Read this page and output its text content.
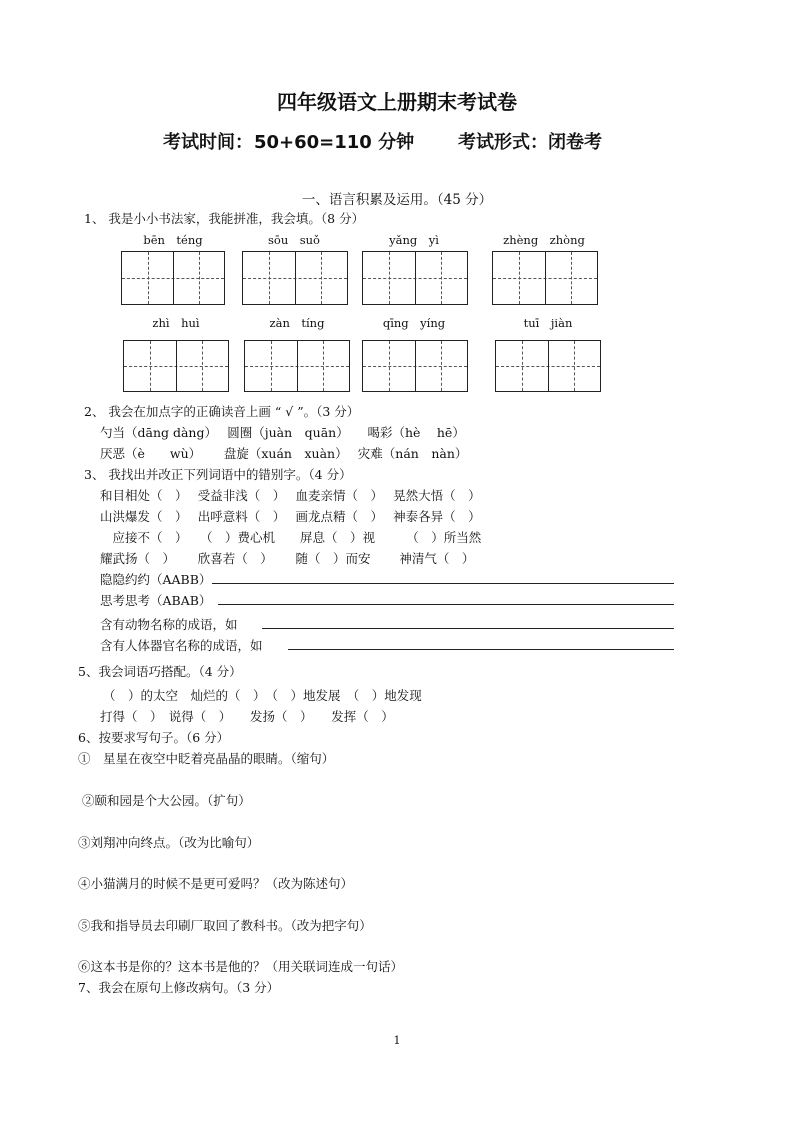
四年级语文上册期末考试卷
考试时间： 50+60=110 分钟 考试形式：闭卷考
一、语言积累及运用。（45 分）
1、 我是小小书法家，我能拼准，我会填。（8 分）
bēn　téng	sōu　suǒ	yǎng　yì	zhèng　zhòng
zhì　huì	zàn　tíng	qīng　yíng	tuī　jiàn
2、 我会在加点字的正确读音上画 “ √ ”。（3 分）
勺当（dāng dàng）　 圆圈（juàn　quān）　　喝彩（hè　 hē）
厌恶（è　　wù）　　 盘旋（xuán　xuàn）　 灾难（nán　nàn）
3、 我找出并改正下列词语中的错别字。（4 分）
和目相处（　）　 受益非浅（　）　 血麦亲情（　）　 晃然大悟（　）
山洪爆发（　）　 出呼意料（　）　 画龙点精（　）　 神泰各异（　）
　应接不（　）　　（　）费心机　　屏息（　）视　　　（　）所当然
耀武扬（　）　　 欣喜若（　）　　 随（　）而安　　 神清气（　）
隐隐约约（AABB）
思考思考（ABAB）
含有动物名称的成语，如
含有人体器官名称的成语，如
5、我会词语巧搭配。（4 分）
（　）的太空　灿烂的（　）　（　）地发展　（　）地发现
打得（　）　说得（　）　　发扬（　）　　发挥（　）
6、按要求写句子。（6 分）
①　星星在夜空中眨着亮晶晶的眼睛。（缩句）
②颐和园是个大公园。（扩句）
③刘翔冲向终点。（改为比喻句）
④小猫满月的时候不是更可爱吗？（改为陈述句）
⑤我和指导员去印刷厂取回了教科书。（改为把字句）
⑥这本书是你的？这本书是他的？（用关联词连成一句话）
7、我会在原句上修改病句。（3 分）
1
